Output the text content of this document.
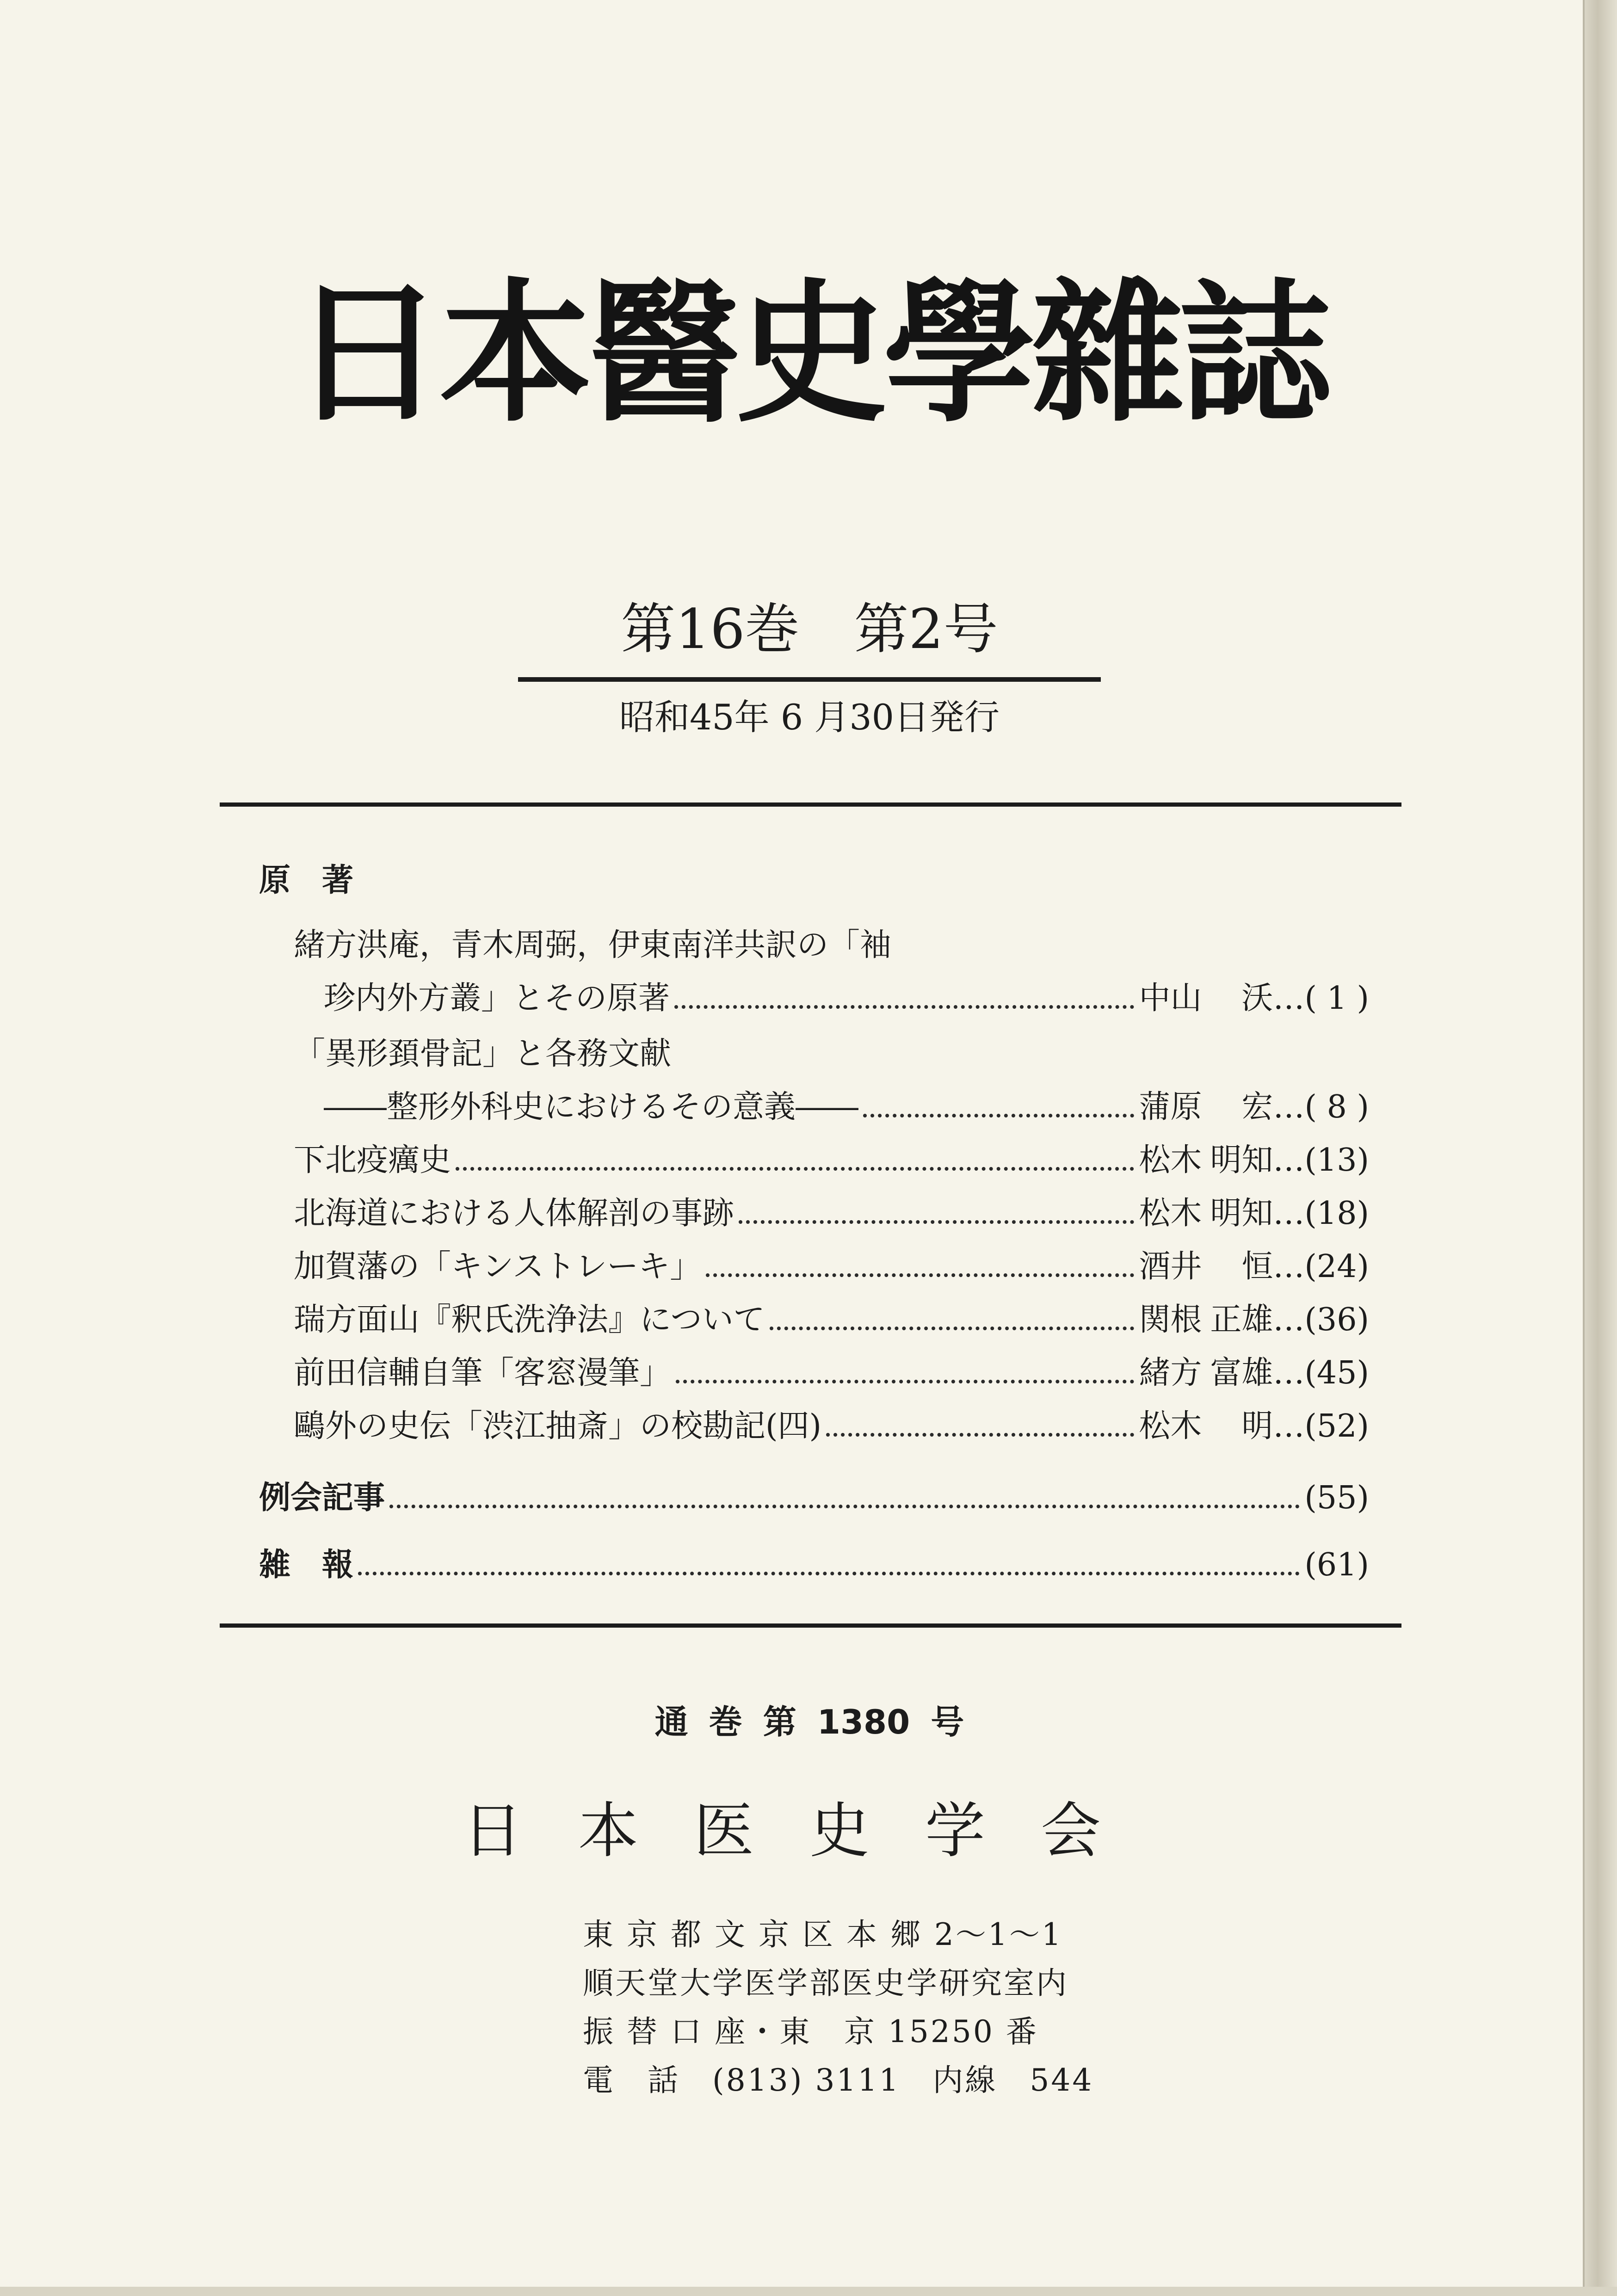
日本醫史學雜誌
第16巻　第2号
昭和45年 6 月30日発行
原　著
緒方洪庵，青木周弼，伊東南洋共訳の「袖
珍内外方叢」とその原著	中山	沃 …( 1 )
「異形頚骨記」と各務文献
――整形外科史におけるその意義――	蒲原	宏 …( 8 )
下北疫癘史	松木 明知 …(13)
北海道における人体解剖の事跡	松木 明知 …(18)
加賀藩の「キンストレーキ」	酒井	恒 …(24)
瑞方面山『釈氏洗浄法』について	関根 正雄 …(36)
前田信輔自筆「客窓漫筆」	緒方 富雄 …(45)
鷗外の史伝「渋江抽斎」の校勘記(四)	松木	明 …(52)
例会記事	(55)
雑　報	(61)
通 巻 第 1380 号
日本医史学会
東 京 都 文 京 区 本 郷 2〜1〜1
順天堂大学医学部医史学研究室内
振 替 口 座・東　京 15250 番
電　話　(813) 3111　内線　544
